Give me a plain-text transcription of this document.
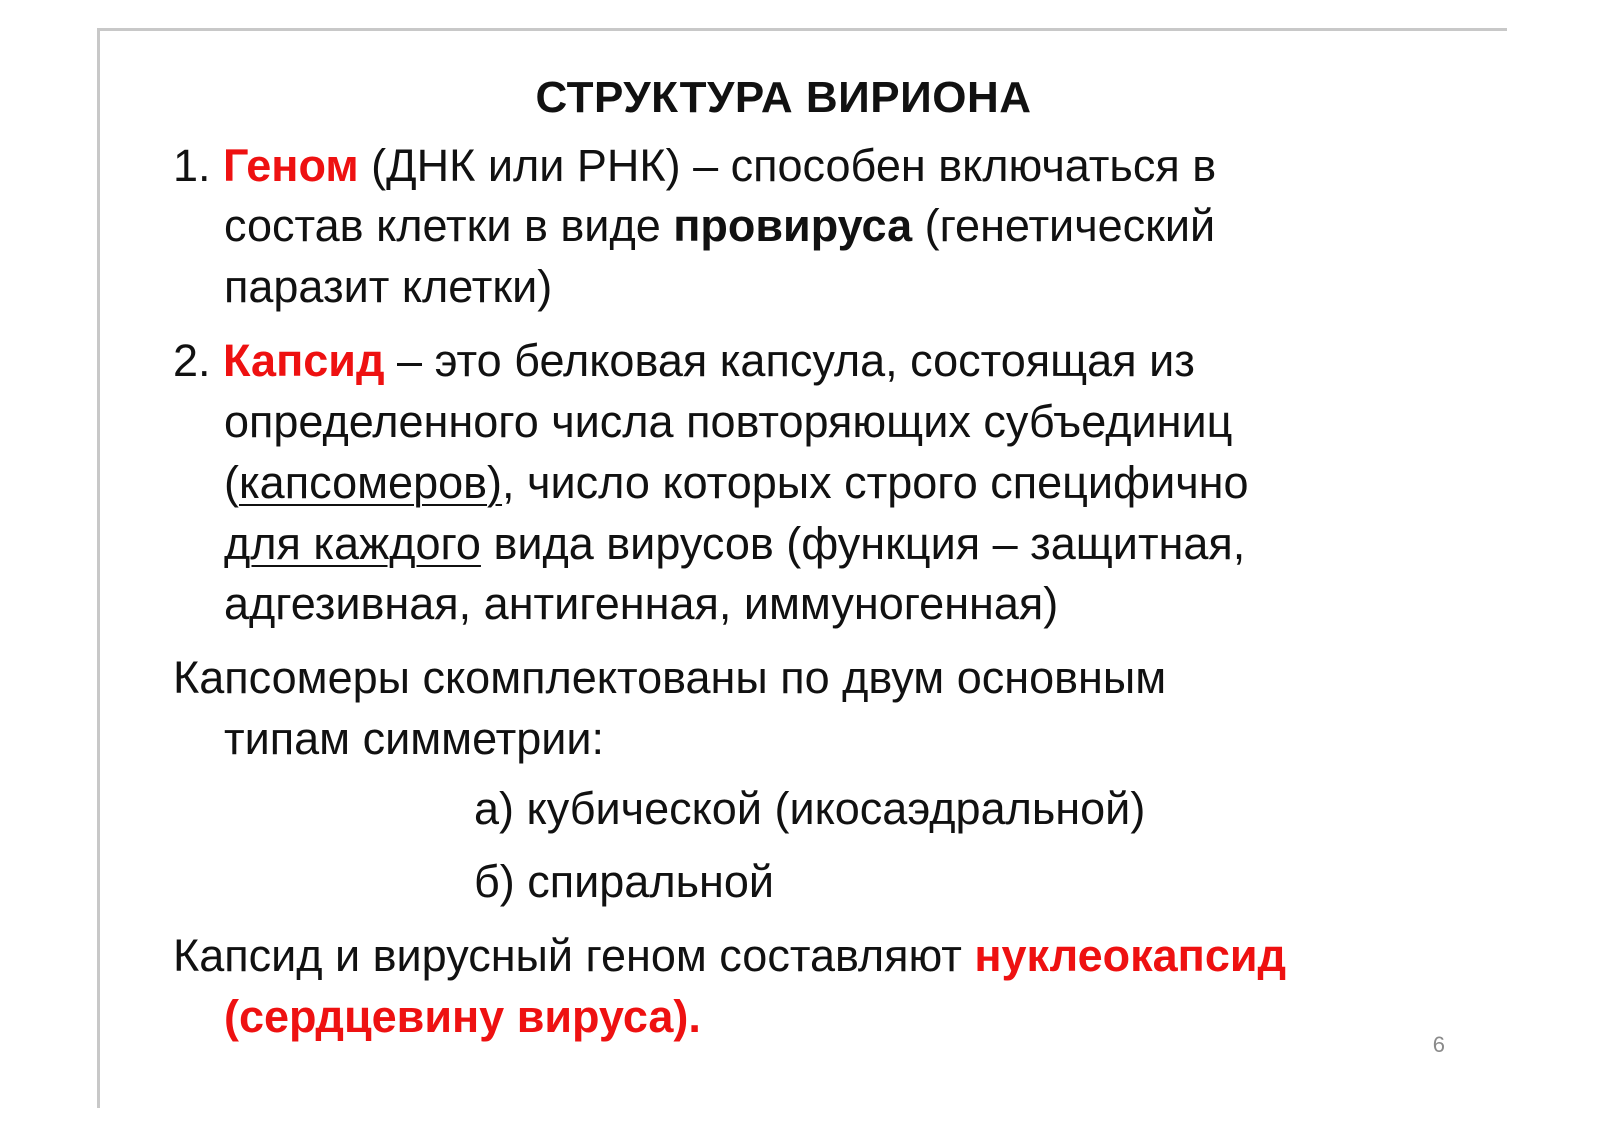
СТРУКТУРА ВИРИОНА
1. Геном (ДНК или РНК) – способен включаться в
состав клетки в виде провируса (генетический
паразит клетки)
2. Капсид – это белковая капсула, состоящая из
определенного числа повторяющих субъединиц
(капсомеров), число которых строго специфично
для каждого вида вирусов (функция – защитная,
адгезивная, антигенная, иммуногенная)
Капсомеры скомплектованы по двум основным
типам симметрии:
а) кубической (икосаэдральной)
б) спиральной
Капсид и вирусный геном составляют нуклеокапсид
(сердцевину вируса).
6
